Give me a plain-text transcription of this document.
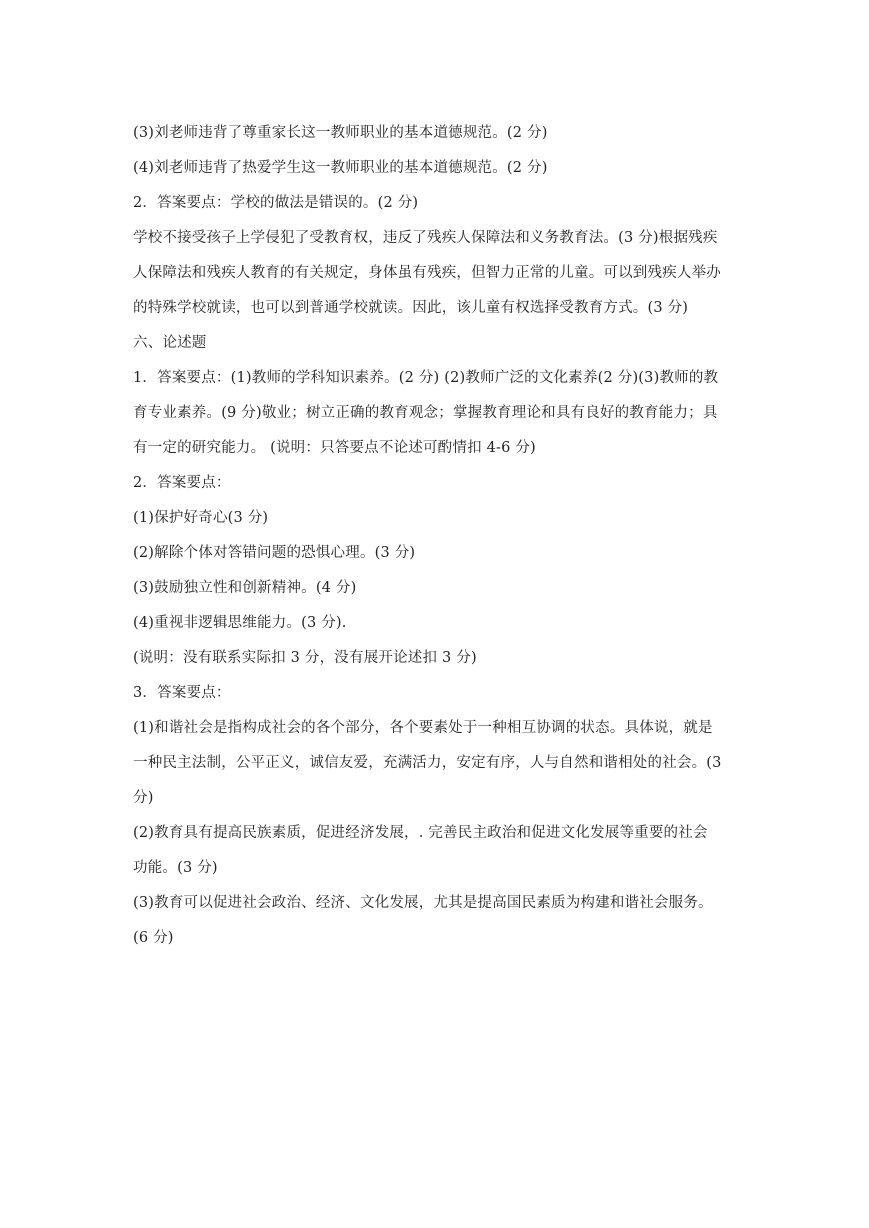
(3)刘老师违背了尊重家长这一教师职业的基本道德规范。(2 分)

(4)刘老师违背了热爱学生这一教师职业的基本道德规范。(2 分)

2．答案要点：学校的做法是错误的。(2 分)

学校不接受孩子上学侵犯了受教育权，违反了残疾人保障法和义务教育法。(3 分)根据残疾

人保障法和残疾人教育的有关规定，身体虽有残疾，但智力正常的儿童。可以到残疾人举办

的特殊学校就读，也可以到普通学校就读。因此，该儿童有权选择受教育方式。(3 分)

六、论述题

1．答案要点：(1)教师的学科知识素养。(2 分) (2)教师广泛的文化素养(2 分)(3)教师的教

育专业素养。(9 分)敬业；树立正确的教育观念；掌握教育理论和具有良好的教育能力；具

有一定的研究能力。 (说明：只答要点不论述可酌情扣 4-6 分)

2．答案要点：

(1)保护好奇心(3 分)

(2)解除个体对答错问题的恐惧心理。(3 分)

(3)鼓励独立性和创新精神。(4 分)

(4)重视非逻辑思维能力。(3 分).

(说明：没有联系实际扣 3 分，没有展开论述扣 3 分)

3．答案要点：

(1)和谐社会是指构成社会的各个部分，各个要素处于一种相互协调的状态。具体说，就是

一种民主法制，公平正义，诚信友爱，充满活力，安定有序，人与自然和谐相处的社会。(3

分)

(2)教育具有提高民族素质，促进经济发展，. 完善民主政治和促进文化发展等重要的社会

功能。(3 分)

(3)教育可以促进社会政治、经济、文化发展，尤其是提高国民素质为构建和谐社会服务。

(6 分)
